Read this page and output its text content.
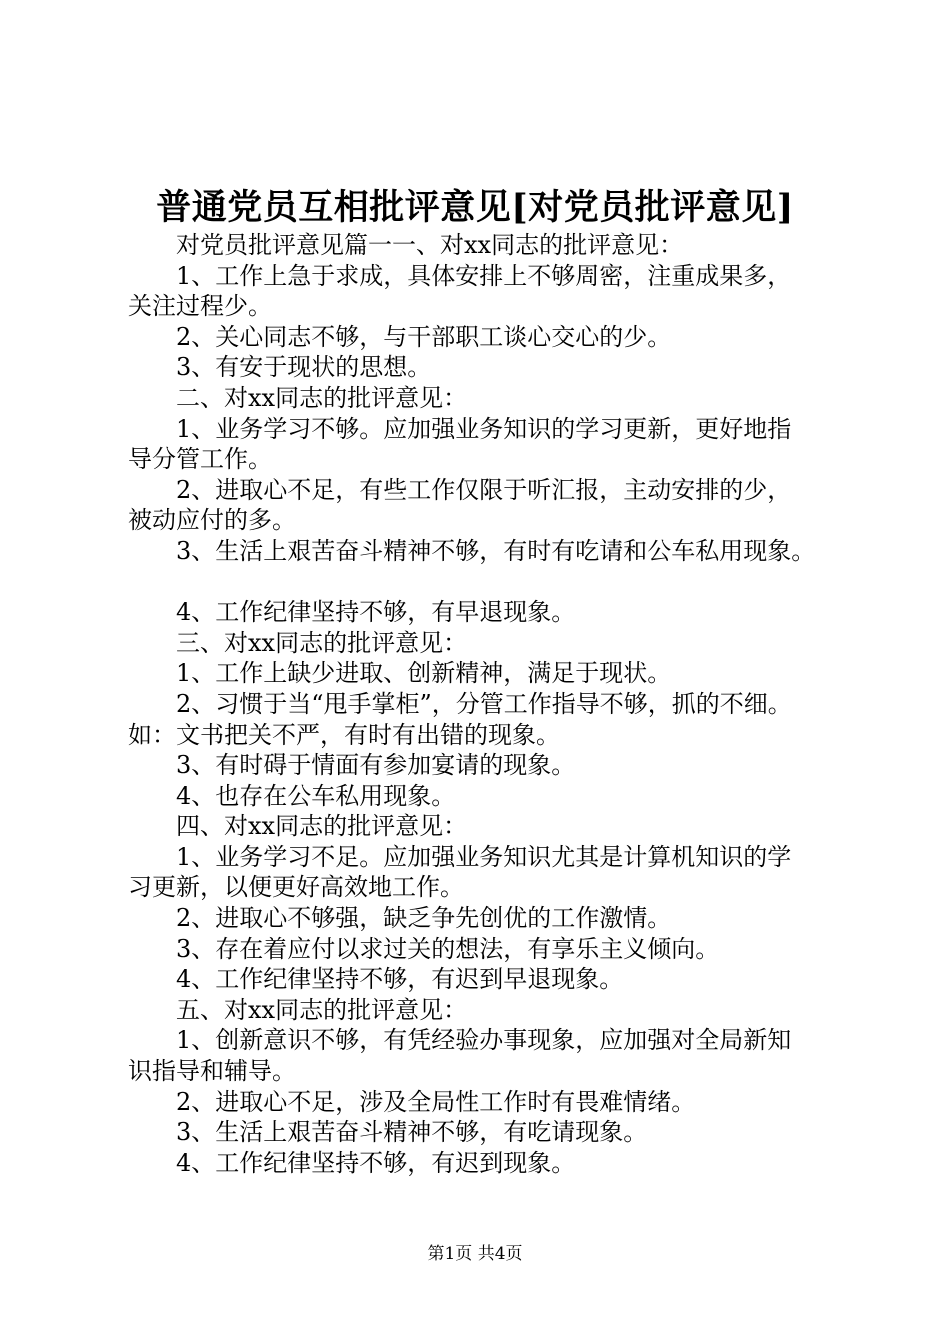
普通党员互相批评意见[对党员批评意见]
对党员批评意见篇一一、对xx同志的批评意见：
1、工作上急于求成，具体安排上不够周密，注重成果多，
关注过程少。
2、关心同志不够，与干部职工谈心交心的少。
3、有安于现状的思想。
二、对xx同志的批评意见：
1、业务学习不够。应加强业务知识的学习更新，更好地指
导分管工作。
2、进取心不足，有些工作仅限于听汇报，主动安排的少，
被动应付的多。
3、生活上艰苦奋斗精神不够，有时有吃请和公车私用现象。
4、工作纪律坚持不够，有早退现象。
三、对xx同志的批评意见：
1、工作上缺少进取、创新精神，满足于现状。
2、习惯于当“甩手掌柜”，分管工作指导不够，抓的不细。
如：文书把关不严，有时有出错的现象。
3、有时碍于情面有参加宴请的现象。
4、也存在公车私用现象。
四、对xx同志的批评意见：
1、业务学习不足。应加强业务知识尤其是计算机知识的学
习更新，以便更好高效地工作。
2、进取心不够强，缺乏争先创优的工作激情。
3、存在着应付以求过关的想法，有享乐主义倾向。
4、工作纪律坚持不够，有迟到早退现象。
五、对xx同志的批评意见：
1、创新意识不够，有凭经验办事现象，应加强对全局新知
识指导和辅导。
2、进取心不足，涉及全局性工作时有畏难情绪。
3、生活上艰苦奋斗精神不够，有吃请现象。
4、工作纪律坚持不够，有迟到现象。
第1页 共4页
